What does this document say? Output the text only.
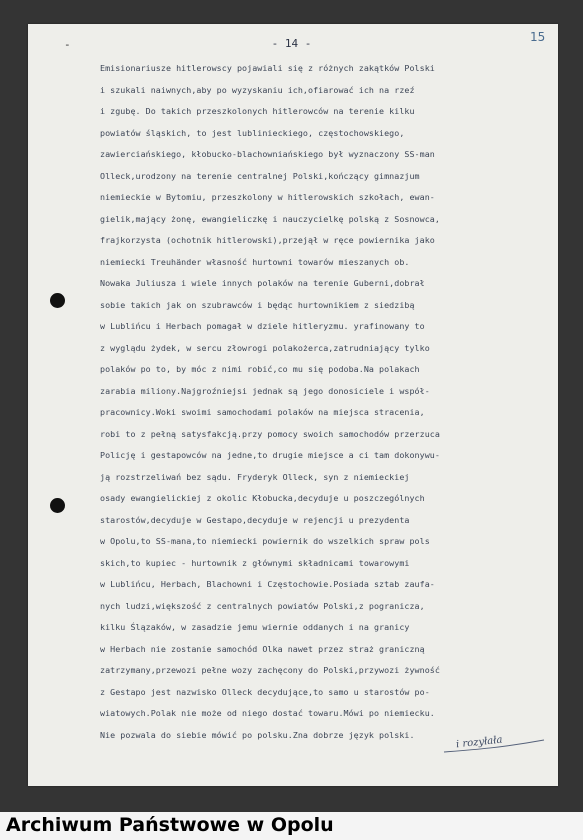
-	- 14 -	15
Emisionariusze hitlerowscy pojawiali się z różnych zakątków Polski
i szukali naiwnych,aby po wyzyskaniu ich,ofiarować ich na rzeź
i zgubę. Do takich przeszkolonych hitlerowców na terenie kilku
powiatów śląskich, to jest lublinieckiego, częstochowskiego,
zawierciańskiego, kłobucko-blachowniańskiego był wyznaczony SS-man
Olleck,urodzony na terenie centralnej Polski,kończący gimnazjum
niemieckie w Bytomiu, przeszkolony w hitlerowskich szkołach, ewan-
gielik,mający żonę, ewangieliczkę i nauczycielkę polską z Sosnowca,
frajkorzysta (ochotnik hitlerowski),przejął w ręce powiernika jako
niemiecki Treuhänder własność hurtowni towarów mieszanych ob.
Nowaka Juliusza i wiele innych polaków na terenie Guberni,dobrał
sobie takich jak on szubrawców i będąc hurtownikiem z siedzibą
w Lublińcu i Herbach pomagał w dziele hitleryzmu. yrafinowany to
z wyglądu żydek, w sercu złowrogi polakożerca,zatrudniający tylko
polaków po to, by móc z nimi robić,co mu się podoba.Na polakach
zarabia miliony.Najgroźniejsi jednak są jego donosiciele i współ-
pracownicy.Woki swoimi samochodami polaków na miejsca stracenia,
robi to z pełną satysfakcją.przy pomocy swoich samochodów przerzuca
Policję i gestapowców na jedne,to drugie miejsce a ci tam dokonywu-
ją rozstrzeliwań bez sądu. Fryderyk Olleck, syn z niemieckiej
osady ewangielickiej z okolic Kłobucka,decyduje u poszczególnych
starostów,decyduje w Gestapo,decyduje w rejencji u prezydenta
w Opolu,to SS-mana,to niemiecki powiernik do wszelkich spraw pols
skich,to kupiec - hurtownik z głównymi składnicami towarowymi
w Lublińcu, Herbach, Blachowni i Częstochowie.Posiada sztab zaufa-
nych ludzi,większość z centralnych powiatów Polski,z pogranicza,
kilku Ślązaków, w zasadzie jemu wiernie oddanych i na granicy
w Herbach nie zostanie samochód Olka nawet przez straż graniczną
zatrzymany,przewozi pełne wozy zachęcony do Polski,przywozi żywność
z Gestapo jest nazwisko Olleck decydujące,to samo u starostów po-
wiatowych.Polak nie może od niego dostać towaru.Mówi po niemiecku.
Nie pozwala do siebie mówić po polsku.Zna dobrze język polski.
i rozyłała
Archiwum Państwowe w Opolu
